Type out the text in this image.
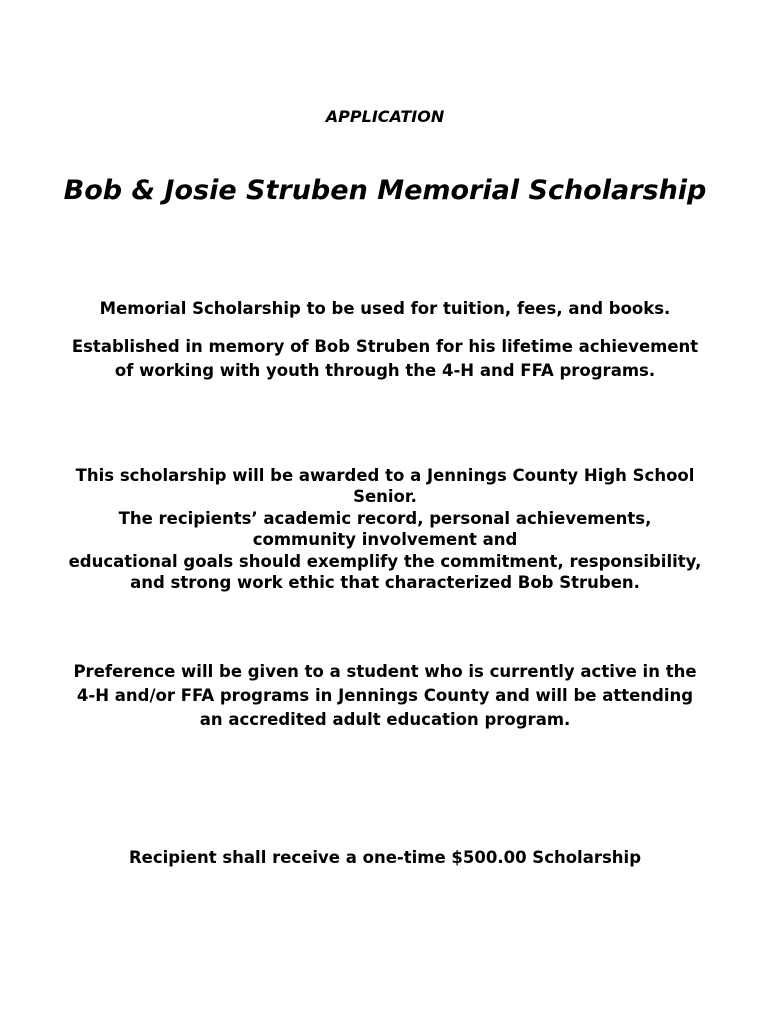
APPLICATION
Bob & Josie Struben Memorial Scholarship
Memorial Scholarship to be used for tuition, fees, and books.
Established in memory of Bob Struben for his lifetime achievement
of working with youth through the 4-H and FFA programs.
This scholarship will be awarded to a Jennings County High School
Senior.
The recipients’ academic record, personal achievements,
community involvement and
educational goals should exemplify the commitment, responsibility,
and strong work ethic that characterized Bob Struben.
Preference will be given to a student who is currently active in the
4-H and/or FFA programs in Jennings County and will be attending
an accredited adult education program.
Recipient shall receive a one-time $500.00 Scholarship
